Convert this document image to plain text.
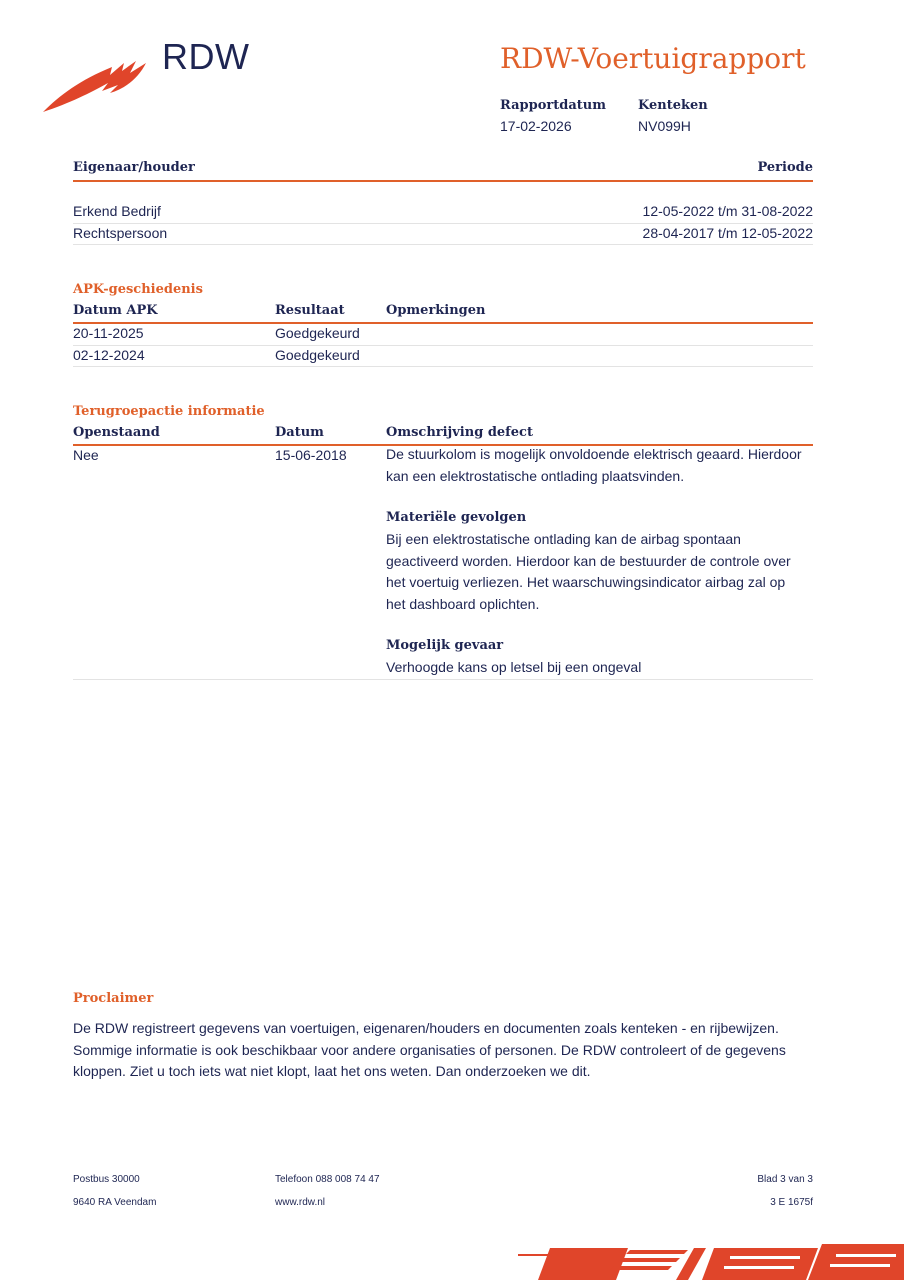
RDW	RDW-Voertuigrapport
Rapportdatum
17-02-2026
Kenteken
NV099H
Eigenaar/houder	Periode
Erkend Bedrijf	12-05-2022 t/m 31-08-2022
Rechtspersoon	28-04-2017 t/m 12-05-2022
APK-geschiedenis
Datum APK	Resultaat	Opmerkingen
20-11-2025	Goedgekeurd
02-12-2024	Goedgekeurd
Terugroepactie informatie
Openstaand	Datum	Omschrijving defect
Nee	15-06-2018	De stuurkolom is mogelijk onvoldoende elektrisch geaard. Hierdoor
kan een elektrostatische ontlading plaatsvinden.
Materiële gevolgen
Bij een elektrostatische ontlading kan de airbag spontaan
geactiveerd worden. Hierdoor kan de bestuurder de controle over
het voertuig verliezen. Het waarschuwingsindicator airbag zal op
het dashboard oplichten.
Mogelijk gevaar
Verhoogde kans op letsel bij een ongeval
Proclaimer
De RDW registreert gegevens van voertuigen, eigenaren/houders en documenten zoals kenteken - en rijbewijzen.
Sommige informatie is ook beschikbaar voor andere organisaties of personen. De RDW controleert of de gegevens
kloppen. Ziet u toch iets wat niet klopt, laat het ons weten. Dan onderzoeken we dit.
Postbus 30000
9640 RA Veendam
Telefoon 088 008 74 47
www.rdw.nl
Blad 3 van 3
3 E 1675f
